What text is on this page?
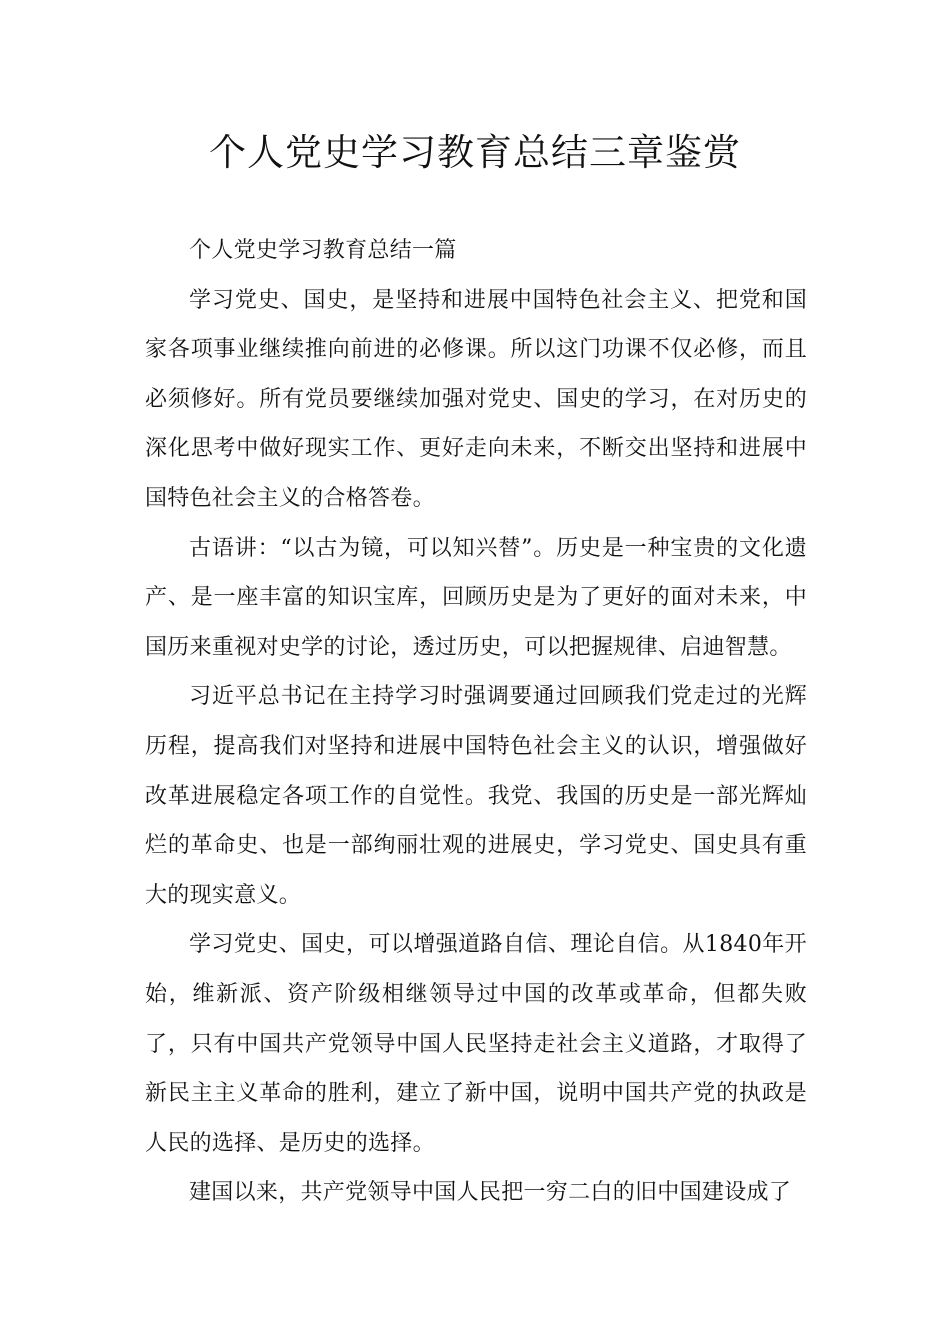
个人党史学习教育总结三章鉴赏

个人党史学习教育总结一篇

学习党史、国史，是坚持和进展中国特色社会主义、把党和国家各项事业继续推向前进的必修课。所以这门功课不仅必修，而且必须修好。所有党员要继续加强对党史、国史的学习，在对历史的深化思考中做好现实工作、更好走向未来，不断交出坚持和进展中国特色社会主义的合格答卷。

古语讲：“以古为镜，可以知兴替”。历史是一种宝贵的文化遗产、是一座丰富的知识宝库，回顾历史是为了更好的面对未来，中国历来重视对史学的讨论，透过历史，可以把握规律、启迪智慧。

习近平总书记在主持学习时强调要通过回顾我们党走过的光辉历程，提高我们对坚持和进展中国特色社会主义的认识，增强做好改革进展稳定各项工作的自觉性。我党、我国的历史是一部光辉灿烂的革命史、也是一部绚丽壮观的进展史，学习党史、国史具有重大的现实意义。

学习党史、国史，可以增强道路自信、理论自信。从1840年开始，维新派、资产阶级相继领导过中国的改革或革命，但都失败了，只有中国共产党领导中国人民坚持走社会主义道路，才取得了新民主主义革命的胜利，建立了新中国，说明中国共产党的执政是人民的选择、是历史的选择。

建国以来，共产党领导中国人民把一穷二白的旧中国建设成了
